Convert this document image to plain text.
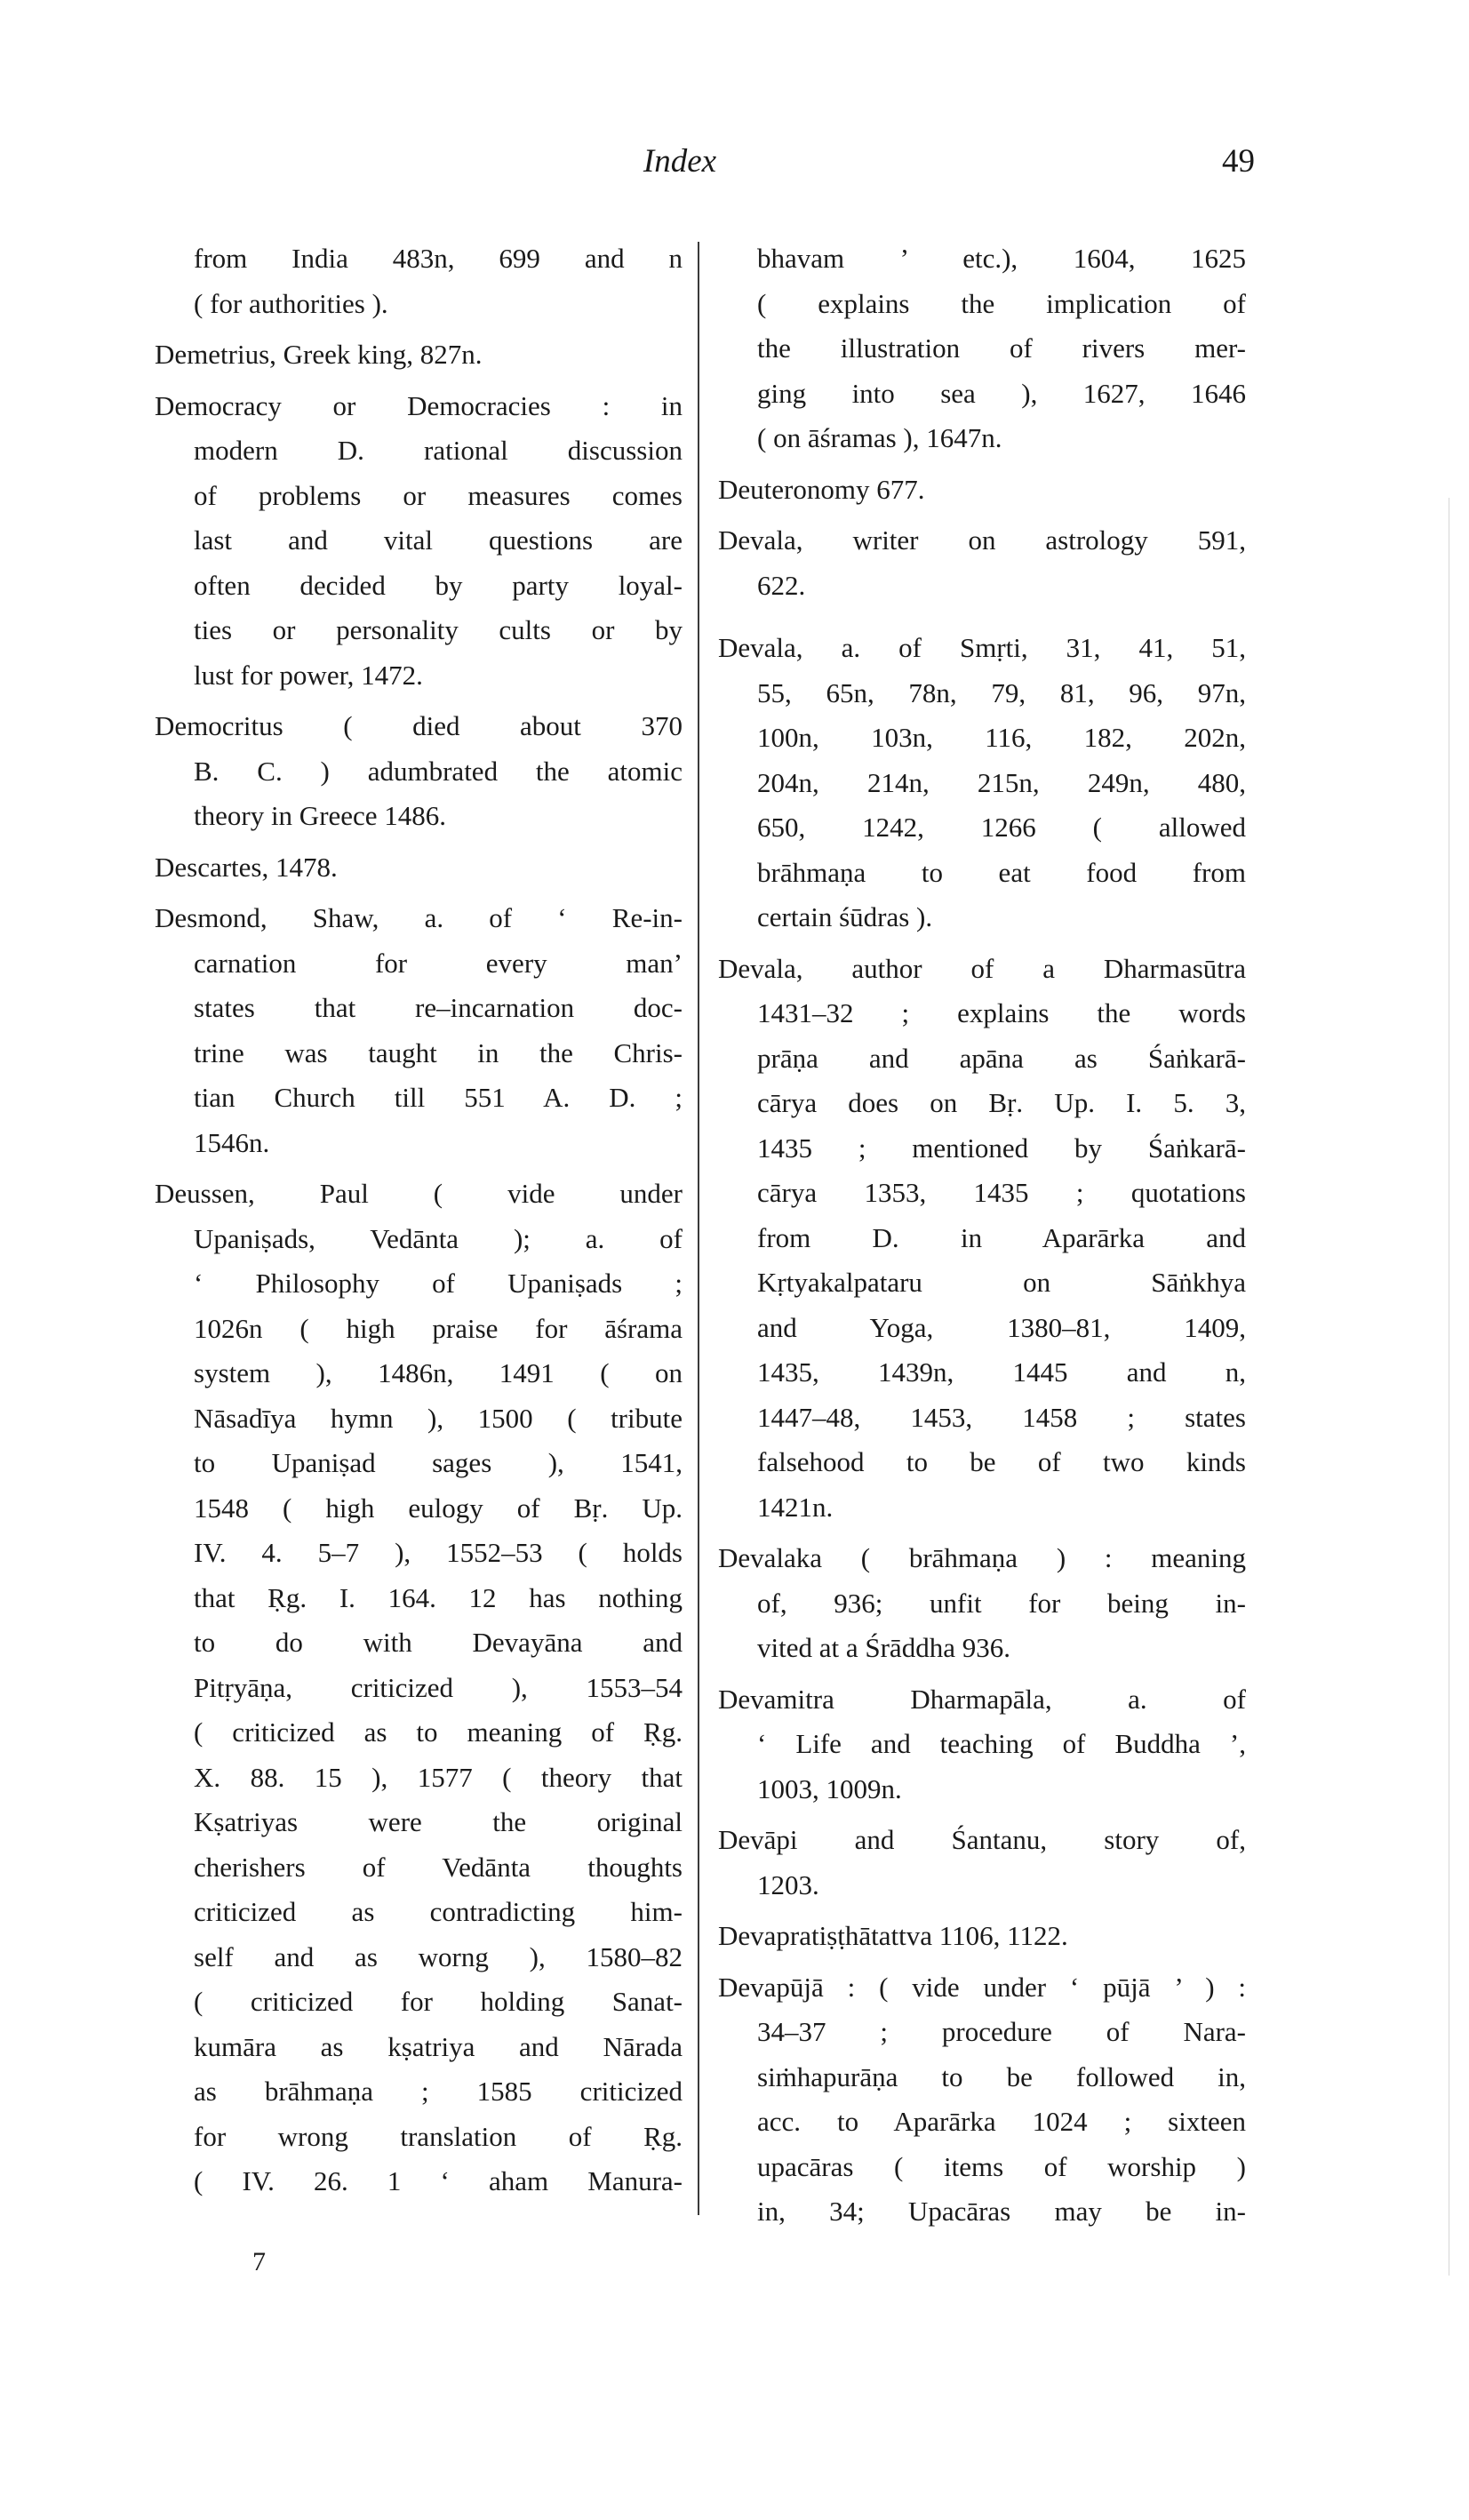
Index	49
from India 483n, 699 and n
( for authorities ).
Demetrius, Greek king, 827n.
Democracy or Democracies : in
modern D. rational discussion
of problems or measures comes
last and vital questions are
often decided by party loyal-
ties or personality cults or by
lust for power, 1472.
Democritus ( died about 370
B. C. ) adumbrated the atomic
theory in Greece 1486.
Descartes, 1478.
Desmond, Shaw, a. of ‘ Re-in-
carnation for every man’
states that re–incarnation doc-
trine was taught in the Chris-
tian Church till 551 A. D. ;
1546n.
Deussen, Paul ( vide under
Upaniṣads, Vedānta ); a. of
‘ Philosophy of Upaniṣads ;
1026n ( high praise for āśrama
system ), 1486n, 1491 ( on
Nāsadīya hymn ), 1500 ( tribute
to Upaniṣad sages ), 1541,
1548 ( high eulogy of Bṛ. Up.
IV. 4. 5–7 ), 1552–53 ( holds
that Ṛg. I. 164. 12 has nothing
to do with Devayāna and
Pitṛyāṇa, criticized ), 1553–54
( criticized as to meaning of Ṛg.
X. 88. 15 ), 1577 ( theory that
Kṣatriyas were the original
cherishers of Vedānta thoughts
criticized as contradicting him-
self and as worng ), 1580–82
( criticized for holding Sanat-
kumāra as kṣatriya and Nārada
as brāhmaṇa ; 1585 criticized
for wrong translation of Ṛg.
( IV. 26. 1 ‘ aham Manura-
bhavam ’ etc.), 1604, 1625
( explains the implication of
the illustration of rivers mer-
ging into sea ), 1627, 1646
( on āśramas ), 1647n.
Deuteronomy 677.
Devala, writer on astrology 591,
622.
Devala, a. of Smṛti, 31, 41, 51,
55, 65n, 78n, 79, 81, 96, 97n,
100n, 103n, 116, 182, 202n,
204n, 214n, 215n, 249n, 480,
650, 1242, 1266 ( allowed
brāhmaṇa to eat food from
certain śūdras ).
Devala, author of a Dharmasūtra
1431–32 ; explains the words
prāṇa and apāna as Śaṅkarā-
cārya does on Bṛ. Up. I. 5. 3,
1435 ; mentioned by Śaṅkarā-
cārya 1353, 1435 ; quotations
from D. in Aparārka and
Kṛtyakalpataru on Sāṅkhya
and Yoga, 1380–81, 1409,
1435, 1439n, 1445 and n,
1447–48, 1453, 1458 ; states
falsehood to be of two kinds
1421n.
Devalaka ( brāhmaṇa ) : meaning
of, 936; unfit for being in-
vited at a Śrāddha 936.
Devamitra Dharmapāla, a. of
‘ Life and teaching of Buddha ’,
1003, 1009n.
Devāpi and Śantanu, story of,
1203.
Devapratiṣṭhātattva 1106, 1122.
Devapūjā : ( vide under ‘ pūjā ’ ) :
34–37 ; procedure of Nara-
siṁhapurāṇa to be followed in,
acc. to Aparārka 1024 ; sixteen
upacāras ( items of worship )
in, 34; Upacāras may be in-
7
